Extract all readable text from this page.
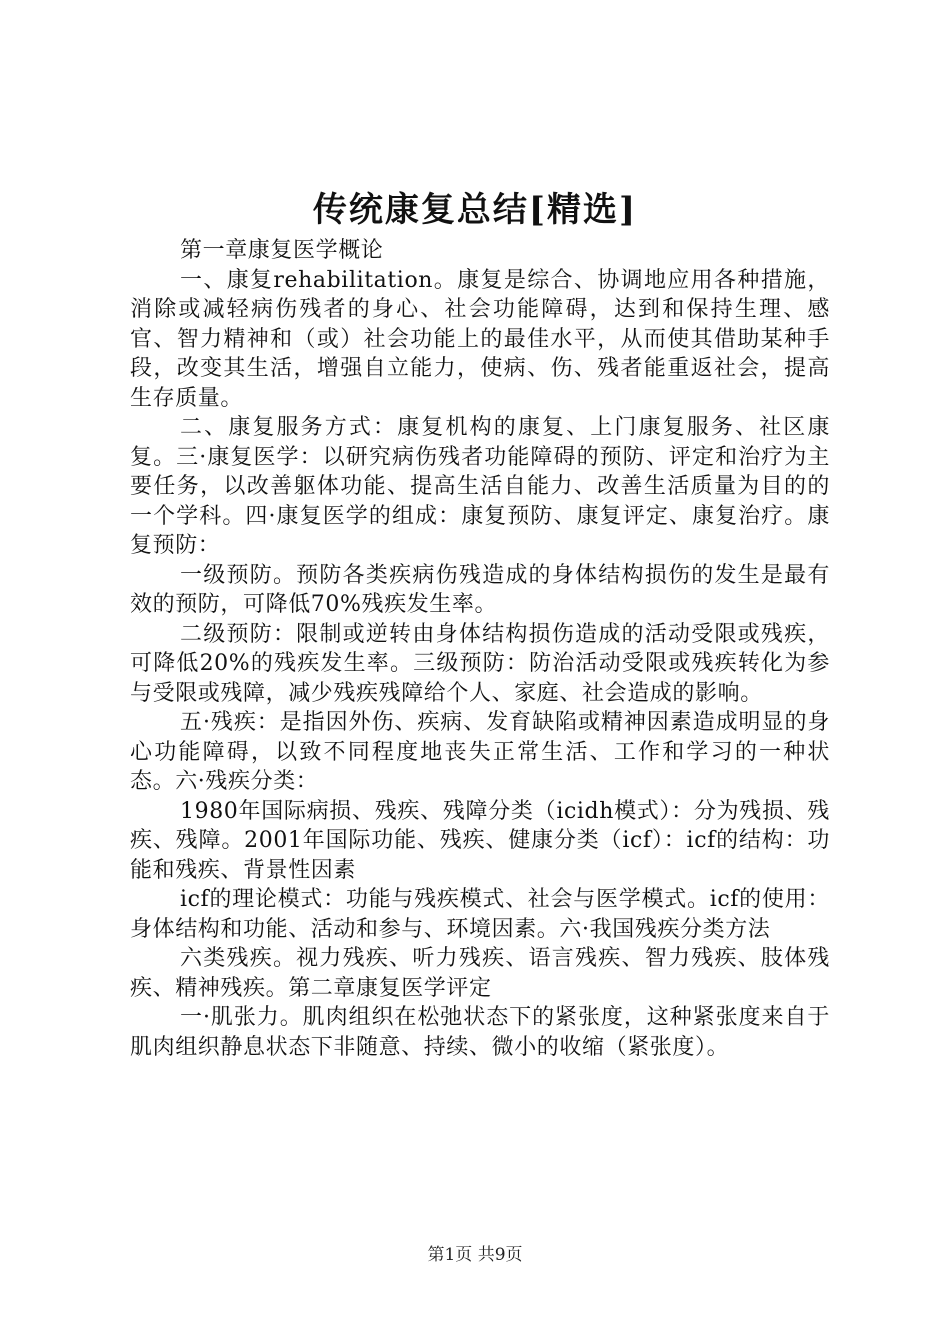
传统康复总结[精选]

第一章康复医学概论

一、康复rehabilitation。康复是综合、协调地应用各种措施，消除或减轻病伤残者的身心、社会功能障碍，达到和保持生理、感官、智力精神和（或）社会功能上的最佳水平，从而使其借助某种手段，改变其生活，增强自立能力，使病、伤、残者能重返社会，提高生存质量。

二、康复服务方式：康复机构的康复、上门康复服务、社区康复。三·康复医学：以研究病伤残者功能障碍的预防、评定和治疗为主要任务，以改善躯体功能、提高生活自能力、改善生活质量为目的的一个学科。四·康复医学的组成：康复预防、康复评定、康复治疗。康复预防：

一级预防。预防各类疾病伤残造成的身体结构损伤的发生是最有效的预防，可降低70%残疾发生率。

二级预防：限制或逆转由身体结构损伤造成的活动受限或残疾，可降低20%的残疾发生率。三级预防：防治活动受限或残疾转化为参与受限或残障，减少残疾残障给个人、家庭、社会造成的影响。

五·残疾：是指因外伤、疾病、发育缺陷或精神因素造成明显的身心功能障碍，以致不同程度地丧失正常生活、工作和学习的一种状态。六·残疾分类：

1980年国际病损、残疾、残障分类（icidh模式）：分为残损、残疾、残障。2001年国际功能、残疾、健康分类（icf）：icf的结构：功能和残疾、背景性因素

icf的理论模式：功能与残疾模式、社会与医学模式。icf的使用：身体结构和功能、活动和参与、环境因素。六·我国残疾分类方法

六类残疾。视力残疾、听力残疾、语言残疾、智力残疾、肢体残疾、精神残疾。第二章康复医学评定

一·肌张力。肌肉组织在松弛状态下的紧张度，这种紧张度来自于肌肉组织静息状态下非随意、持续、微小的收缩（紧张度）。

第1页 共9页
